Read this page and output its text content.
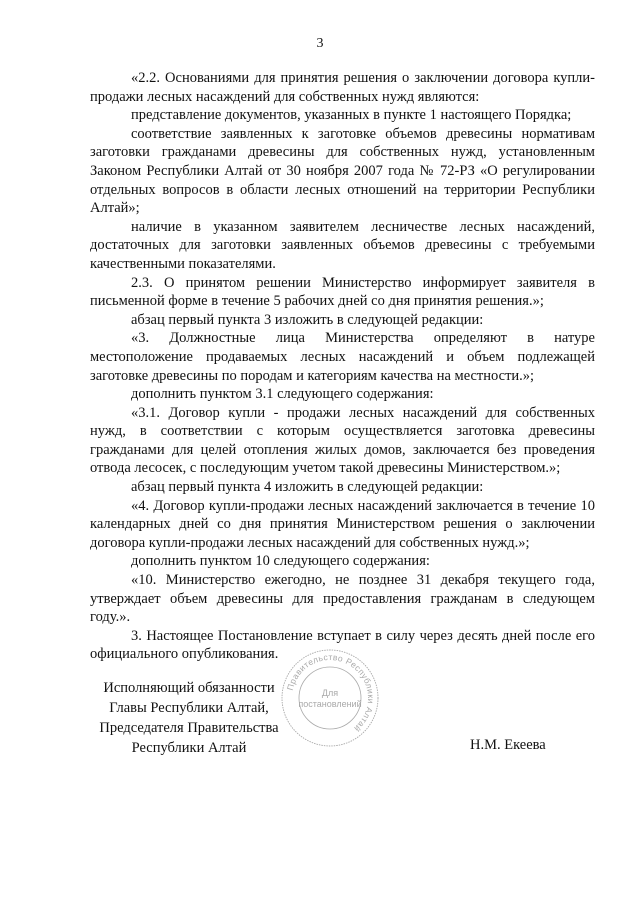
3

«2.2. Основаниями для принятия решения о заключении договора купли-продажи лесных насаждений для собственных нужд являются:

представление документов, указанных в пункте 1 настоящего Порядка;

соответствие заявленных к заготовке объемов древесины нормативам заготовки гражданами древесины для собственных нужд, установленным Законом Республики Алтай от 30 ноября 2007 года № 72-РЗ «О регулировании отдельных вопросов в области лесных отношений на территории Республики Алтай»;

наличие в указанном заявителем лесничестве лесных насаждений, достаточных для заготовки заявленных объемов древесины с требуемыми качественными показателями.

2.3. О принятом решении Министерство информирует заявителя в письменной форме в течение 5 рабочих дней со дня принятия решения.»;

абзац первый пункта 3 изложить в следующей редакции:

«3. Должностные лица Министерства определяют в натуре местоположение продаваемых лесных насаждений и объем подлежащей заготовке древесины по породам и категориям качества на местности.»;

дополнить пунктом 3.1 следующего содержания:

«3.1. Договор купли - продажи лесных насаждений для собственных нужд, в соответствии с которым осуществляется заготовка древесины гражданами для целей отопления жилых домов, заключается без проведения отвода лесосек, с последующим учетом такой древесины Министерством.»;

абзац первый пункта 4 изложить в следующей редакции:

«4. Договор купли-продажи лесных насаждений заключается в течение 10 календарных дней со дня принятия Министерством решения о заключении договора купли-продажи лесных насаждений для собственных нужд.»;

дополнить пунктом 10 следующего содержания:

«10. Министерство ежегодно, не позднее 31 декабря текущего года, утверждает объем древесины для предоставления гражданам в следующем году.».

3. Настоящее Постановление вступает в силу через десять дней после его официального опубликования.

Исполняющий обязанности
Главы Республики Алтай,
Председателя Правительства
Республики Алтай
Правительство Республики Алтай
Для
постановлений
Н.М. Екеева
